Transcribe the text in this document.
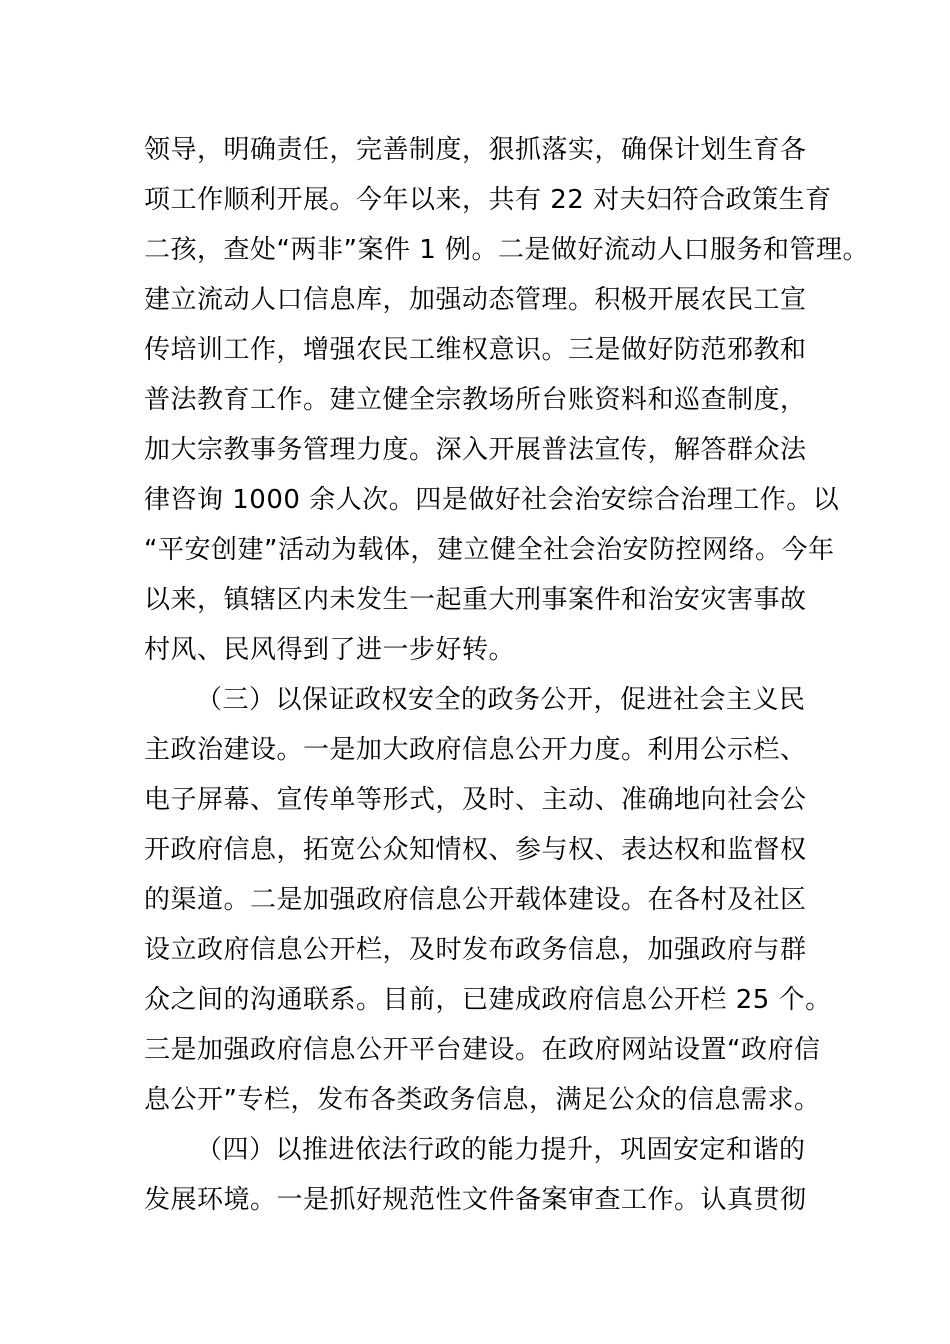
领导，明确责任，完善制度，狠抓落实，确保计划生育各
项工作顺利开展。今年以来，共有 22 对夫妇符合政策生育
二孩，查处“两非”案件 1 例。二是做好流动人口服务和管理。
建立流动人口信息库，加强动态管理。积极开展农民工宣
传培训工作，增强农民工维权意识。三是做好防范邪教和
普法教育工作。建立健全宗教场所台账资料和巡查制度，
加大宗教事务管理力度。深入开展普法宣传，解答群众法
律咨询 1000 余人次。四是做好社会治安综合治理工作。以
“平安创建”活动为载体，建立健全社会治安防控网络。今年
以来，镇辖区内未发生一起重大刑事案件和治安灾害事故
村风、民风得到了进一步好转。
（三）以保证政权安全的政务公开，促进社会主义民
主政治建设。一是加大政府信息公开力度。利用公示栏、
电子屏幕、宣传单等形式，及时、主动、准确地向社会公
开政府信息，拓宽公众知情权、参与权、表达权和监督权
的渠道。二是加强政府信息公开载体建设。在各村及社区
设立政府信息公开栏，及时发布政务信息，加强政府与群
众之间的沟通联系。目前，已建成政府信息公开栏 25 个。
三是加强政府信息公开平台建设。在政府网站设置“政府信
息公开”专栏，发布各类政务信息，满足公众的信息需求。
（四）以推进依法行政的能力提升，巩固安定和谐的
发展环境。一是抓好规范性文件备案审查工作。认真贯彻
